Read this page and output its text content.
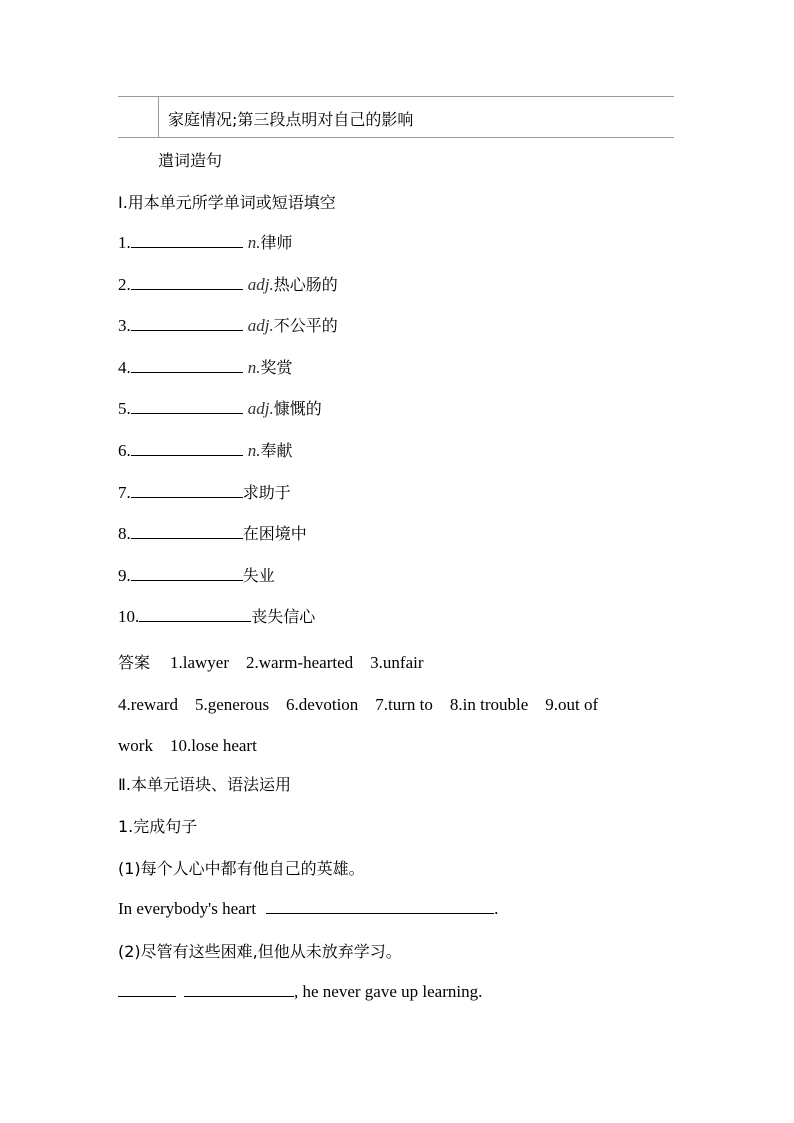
家庭情况;第三段点明对自己的影响
遣词造句
Ⅰ.用本单元所学单词或短语填空
1.	n.律师
2.	adj.热心肠的
3.	adj.不公平的
4.	n.奖赏
5.	adj.慷慨的
6.	n.奉献
7.	求助于
8.	在困境中
9.	失业
10.	丧失信心
答案 1.lawyer　2.warm-hearted　3.unfair
4.reward　5.generous　6.devotion　7.turn to　8.in trouble　9.out of
work　10.lose heart
Ⅱ.本单元语块、语法运用
1.完成句子
(1)每个人心中都有他自己的英雄。
In everybody's heart	.
(2)尽管有这些困难,但他从未放弃学习。
, he never gave up learning.
